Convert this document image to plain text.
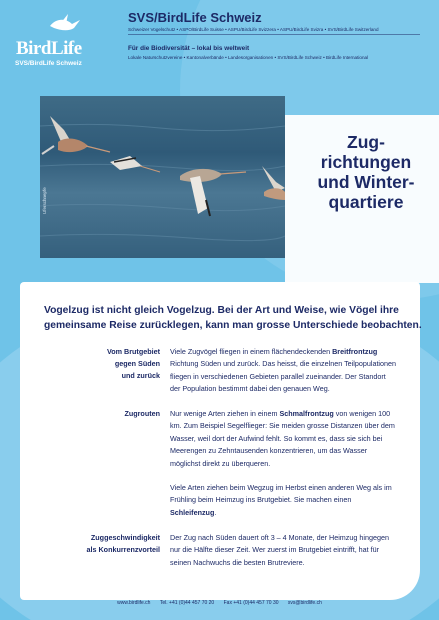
BirdLife
SVS/BirdLife Schweiz
SVS/BirdLife Schweiz
Schweizer Vogelschutz • ASPO/BirdLife Suisse • ASPU/BirdLife Svizzera • ASPU/BirdLife Svizra • SVS/BirdLife Switzerland
Für die Biodiversität – lokal bis weltweit
Lokale Naturschutzvereine • Kantonalverbände • Landesorganisationen • SVS/BirdLife Schweiz • BirdLife International
Uferschnepfe
Zug-
richtungen
und Winter-
quartiere
Vogelzug ist nicht gleich Vogelzug. Bei der Art und Weise, wie Vögel ihre gemeinsame Reise zurücklegen, kann man grosse Unterschiede beobachten.
Vom Brutgebiet
gegen Süden
und zurück
Viele Zugvögel fliegen in einem flächendeckenden Breitfrontzug Richtung Süden und zurück. Das heisst, die einzelnen Teilpopulationen fliegen in verschiedenen Gebieten parallel zueinander. Der Standort der Population bestimmt dabei den genauen Weg.
Zugrouten Nur wenige Arten ziehen in einem Schmalfrontzug von wenigen 100 km. Zum Beispiel Segelflieger: Sie meiden grosse Distanzen über dem Wasser, weil dort der Aufwind fehlt. So kommt es, dass sie sich bei Meerengen zu Zehntausenden konzentrieren, um das Wasser möglichst direkt zu überqueren.
Viele Arten ziehen beim Wegzug im Herbst einen anderen Weg als im Frühling beim Heimzug ins Brutgebiet. Sie machen einen Schleifenzug.
Zuggeschwindigkeit
als Konkurrenzvorteil
Der Zug nach Süden dauert oft 3 – 4 Monate, der Heimzug hingegen nur die Hälfte dieser Zeit. Wer zuerst im Brutgebiet eintrifft, hat für seinen Nachwuchs die besten Brutreviere.
www.birdlife.ch Tel. +41 (0)44 457 70 20 Fax +41 (0)44 457 70 30 svs@birdlife.ch
